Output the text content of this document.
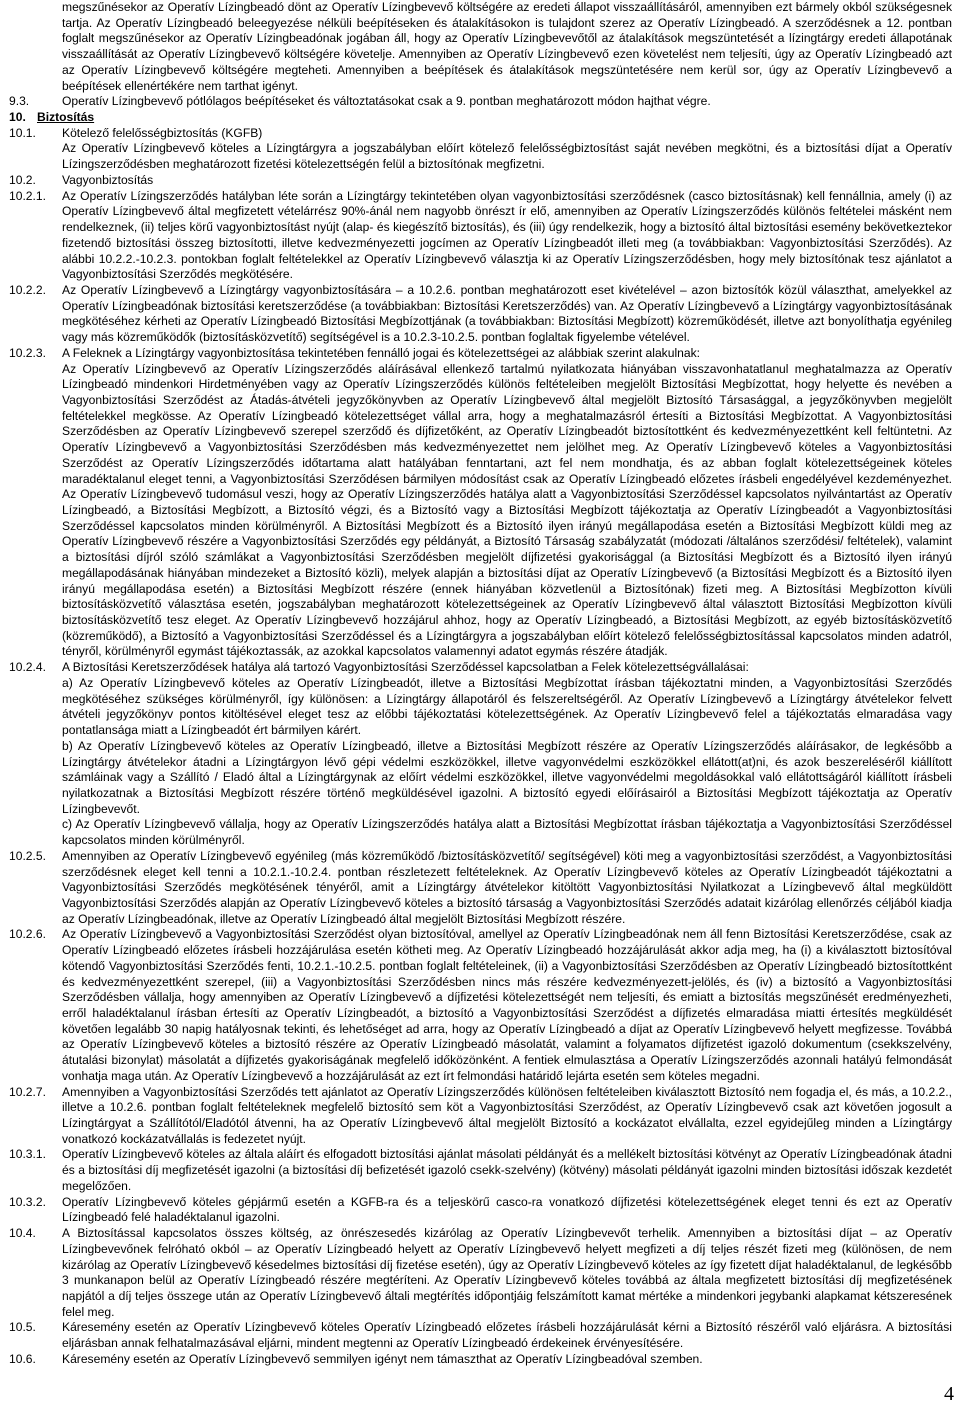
megszűnésekor az Operatív Lízingbeadó dönt az Operatív Lízingbevevő költségére az eredeti állapot visszaállításáról, amennyiben ezt bármely okból szükségesnek tartja. Az Operatív Lízingbeadó beleegyezése nélküli beépítéseken és átalakításokon is tulajdont szerez az Operatív Lízingbeadó. A szerződésnek a 12. pontban foglalt megszűnésekor az Operatív Lízingbeadónak jogában áll, hogy az Operatív Lízingbevevőtől az átalakítások megszüntetését a lízingtárgy eredeti állapotának visszaállítását az Operatív Lízingbevevő költségére követelje. Amennyiben az Operatív Lízingbevevő ezen követelést nem teljesíti, úgy az Operatív Lízingbeadó azt az Operatív Lízingbevevő költségére megteheti. Amennyiben a beépítések és átalakítások megszüntetésére nem kerül sor, úgy az Operatív Lízingbevevő a beépítések ellenértékére nem tarthat igényt.
9.3.	Operatív Lízingbevevő pótlólagos beépítéseket és változtatásokat csak a 9. pontban meghatározott módon hajthat végre.
10. Biztosítás
10.1.	Kötelező felelősségbiztosítás (KGFB)

Az Operatív Lízingbevevő köteles a Lízingtárgyra a jogszabályban előírt kötelező felelősségbiztosítást saját nevében megkötni, és a biztosítási díjat a Operatív Lízingszerződésben meghatározott fizetési kötelezettségén felül a biztosítónak megfizetni.

10.2.	Vagyonbiztosítás
10.2.1.	Az Operatív Lízingszerződés hatályban léte során a Lízingtárgy tekintetében olyan vagyonbiztosítási szerződésnek (casco biztosításnak) kell fennállnia, amely (i) az Operatív Lízingbevevő által megfizetett vételárrész 90%-ánál nem nagyobb önrészt ír elő, amennyiben az Operatív Lízingszerződés különös feltételei másként nem rendelkeznek, (ii) teljes körű vagyonbiztosítást nyújt (alap- és kiegészítő biztosítás), és (iii) úgy rendelkezik, hogy a biztosító által biztosítási esemény bekövetkeztekor fizetendő biztosítási összeg biztosítotti, illetve kedvezményezetti jogcímen az Operatív Lízingbeadót illeti meg (a továbbiakban: Vagyonbiztosítási Szerződés). Az alábbi 10.2.2.-10.2.3. pontokban foglalt feltételekkel az Operatív Lízingbevevő választja ki az Operatív Lízingszerződésben, hogy mely biztosítónak tesz ajánlatot a Vagyonbiztosítási Szerződés megkötésére.
10.2.2.	Az Operatív Lízingbevevő a Lízingtárgy vagyonbiztosítására – a 10.2.6. pontban meghatározott eset kivételével – azon biztosítók közül választhat, amelyekkel az Operatív Lízingbeadónak biztosítási keretszerződése (a továbbiakban: Biztosítási Keretszerződés) van. Az Operatív Lízingbevevő a Lízingtárgy vagyonbiztosításának megkötéséhez kérheti az Operatív Lízingbeadó Biztosítási Megbízottjának (a továbbiakban: Biztosítási Megbízott) közreműködését, illetve azt bonyolíthatja egyénileg vagy más közreműködők (biztosításközvetítő) segítségével is a 10.2.3-10.2.5. pontban foglaltak figyelembe vételével.
10.2.3.	A Feleknek a Lízingtárgy vagyonbiztosítása tekintetében fennálló jogai és kötelezettségei az alábbiak szerint alakulnak:

Az Operatív Lízingbevevő az Operatív Lízingszerződés aláírásával ellenkező tartalmú nyilatkozata hiányában visszavonhatatlanul meghatalmazza az Operatív Lízingbeadó mindenkori Hirdetményében vagy az Operatív Lízingszerződés különös feltételeiben megjelölt Biztosítási Megbízottat, hogy helyette és nevében a Vagyonbiztosítási Szerződést az Átadás-átvételi jegyzőkönyvben az Operatív Lízingbevevő által megjelölt Biztosító Társasággal, a jegyzőkönyvben megjelölt feltételekkel megkösse. Az Operatív Lízingbeadó kötelezettséget vállal arra, hogy a meghatalmazásról értesíti a Biztosítási Megbízottat. A Vagyonbiztosítási Szerződésben az Operatív Lízingbevevő szerepel szerződő és díjfizetőként, az Operatív Lízingbeadót biztosítottként és kedvezményezettként kell feltüntetni. Az Operatív Lízingbevevő a Vagyonbiztosítási Szerződésben más kedvezményezettet nem jelölhet meg. Az Operatív Lízingbevevő köteles a Vagyonbiztosítási Szerződést az Operatív Lízingszerződés időtartama alatt hatályában fenntartani, azt fel nem mondhatja, és az abban foglalt kötelezettségeinek köteles maradéktalanul eleget tenni, a Vagyonbiztosítási Szerződésen bármilyen módosítást csak az Operatív Lízingbeadó előzetes írásbeli engedélyével kezdeményezhet. Az Operatív Lízingbevevő tudomásul veszi, hogy az Operatív Lízingszerződés hatálya alatt a Vagyonbiztosítási Szerződéssel kapcsolatos nyilvántartást az Operatív Lízingbeadó, a Biztosítási Megbízott, a Biztosító végzi, és a Biztosító vagy a Biztosítási Megbízott tájékoztatja az Operatív Lízingbeadót a Vagyonbiztosítási Szerződéssel kapcsolatos minden körülményről. A Biztosítási Megbízott és a Biztosító ilyen irányú megállapodása esetén a Biztosítási Megbízott küldi meg az Operatív Lízingbevevő részére a Vagyonbiztosítási Szerződés egy példányát, a Biztosító Társaság szabályzatát (módozati /általános szerződési/ feltételek), valamint a biztosítási díjról szóló számlákat a Vagyonbiztosítási Szerződésben megjelölt díjfizetési gyakorisággal (a Biztosítási Megbízott és a Biztosító ilyen irányú megállapodásának hiányában mindezeket a Biztosító közli), melyek alapján a biztosítási díjat az Operatív Lízingbevevő (a Biztosítási Megbízott és a Biztosító ilyen irányú megállapodása esetén) a Biztosítási Megbízott részére (ennek hiányában közvetlenül a Biztosítónak) fizeti meg. A Biztosítási Megbízotton kívüli biztosításközvetítő választása esetén, jogszabályban meghatározott kötelezettségeinek az Operatív Lízingbevevő által választott Biztosítási Megbízotton kívüli biztosításközvetítő tesz eleget. Az Operatív Lízingbevevő hozzájárul ahhoz, hogy az Operatív Lízingbeadó, a Biztosítási Megbízott, az egyéb biztosításközvetítő (közreműködő), a Biztosító a Vagyonbiztosítási Szerződéssel és a Lízingtárgyra a jogszabályban előírt kötelező felelősségbiztosítással kapcsolatos minden adatról, tényről, körülményről egymást tájékoztassák, az azokkal kapcsolatos valamennyi adatot egymás részére átadják.

10.2.4.	A Biztosítási Keretszerződések hatálya alá tartozó Vagyonbiztosítási Szerződéssel kapcsolatban a Felek kötelezettségvállalásai:

a) Az Operatív Lízingbevevő köteles az Operatív Lízingbeadót, illetve a Biztosítási Megbízottat írásban tájékoztatni minden, a Vagyonbiztosítási Szerződés megkötéséhez szükséges körülményről, így különösen: a Lízingtárgy állapotáról és felszereltségéről. Az Operatív Lízingbevevő a Lízingtárgy átvételekor felvett átvételi jegyzőkönyv pontos kitöltésével eleget tesz az előbbi tájékoztatási kötelezettségének. Az Operatív Lízingbevevő felel a tájékoztatás elmaradása vagy pontatlansága miatt a Lízingbeadót ért bármilyen kárért.

b) Az Operatív Lízingbevevő köteles az Operatív Lízingbeadó, illetve a Biztosítási Megbízott részére az Operatív Lízingszerződés aláírásakor, de legkésőbb a Lízingtárgy átvételekor átadni a Lízingtárgyon lévő gépi védelmi eszközökkel, illetve vagyonvédelmi eszközökkel ellátott(at)ni, és azok beszereléséről kiállított számláinak vagy a Szállító / Eladó által a Lízingtárgynak az előírt védelmi eszközökkel, illetve vagyonvédelmi megoldásokkal való ellátottságáról kiállított írásbeli nyilatkozatnak a Biztosítási Megbízott részére történő megküldésével igazolni. A biztosító egyedi előírásairól a Biztosítási Megbízott tájékoztatja az Operatív Lízingbevevőt.

c) Az Operatív Lízingbevevő vállalja, hogy az Operatív Lízingszerződés hatálya alatt a Biztosítási Megbízottat írásban tájékoztatja a Vagyonbiztosítási Szerződéssel kapcsolatos minden körülményről.

10.2.5.	Amennyiben az Operatív Lízingbevevő egyénileg (más közreműködő /biztosításközvetítő/ segítségével) köti meg a vagyonbiztosítási szerződést, a Vagyonbiztosítási szerződésnek eleget kell tenni a 10.2.1.-10.2.4. pontban részletezett feltételeknek. Az Operatív Lízingbevevő köteles az Operatív Lízingbeadót tájékoztatni a Vagyonbiztosítási Szerződés megkötésének tényéről, amit a Lízingtárgy átvételekor kitöltött Vagyonbiztosítási Nyilatkozat a Lízingbevevő által megküldött Vagyonbiztosítási Szerződés alapján az Operatív Lízingbevevő köteles a biztosító társaság a Vagyonbiztosítási Szerződés adatait kizárólag ellenőrzés céljából kiadja az Operatív Lízingbeadónak, illetve az Operatív Lízingbeadó által megjelölt Biztosítási Megbízott részére.
10.2.6.	Az Operatív Lízingbevevő a Vagyonbiztosítási Szerződést olyan biztosítóval, amellyel az Operatív Lízingbeadónak nem áll fenn Biztosítási Keretszerződése, csak az Operatív Lízingbeadó előzetes írásbeli hozzájárulása esetén kötheti meg. Az Operatív Lízingbeadó hozzájárulását akkor adja meg, ha (i) a kiválasztott biztosítóval kötendő Vagyonbiztosítási Szerződés fenti, 10.2.1.-10.2.5. pontban foglalt feltételeinek, (ii) a Vagyonbiztosítási Szerződésben az Operatív Lízingbeadó biztosítottként és kedvezményezettként szerepel, (iii) a Vagyonbiztosítási Szerződésben nincs más részére kedvezményezett-jelölés, és (iv) a biztosító a Vagyonbiztosítási Szerződésben vállalja, hogy amennyiben az Operatív Lízingbevevő a díjfizetési kötelezettségét nem teljesíti, és emiatt a biztosítás megszűnését eredményezheti, erről haladéktalanul írásban értesíti az Operatív Lízingbeadót, a biztosító a Vagyonbiztosítási Szerződést a díjfizetés elmaradása miatti értesítés megküldését követően legalább 30 napig hatályosnak tekinti, és lehetőséget ad arra, hogy az Operatív Lízingbeadó a díjat az Operatív Lízingbevevő helyett megfizesse. Továbbá az Operatív Lízingbevevő köteles a biztosító részére az Operatív Lízingbeadó másolatát, valamint a folyamatos díjfizetést igazoló dokumentum (csekkszelvény, átutalási bizonylat) másolatát a díjfizetés gyakoriságának megfelelő időközönként. A fentiek elmulasztása a Operatív Lízingszerződés azonnali hatályú felmondását vonhatja maga után. Az Operatív Lízingbevevő a hozzájárulását az ezt írt felmondási határidő lejárta esetén sem köteles megadni.
10.2.7.	Amennyiben a Vagyonbiztosítási Szerződés tett ajánlatot az Operatív Lízingszerződés különösen feltételeiben kiválasztott Biztosító nem fogadja el, és más, a 10.2.2., illetve a 10.2.6. pontban foglalt feltételeknek megfelelő biztosító sem köt a Vagyonbiztosítási Szerződést, az Operatív Lízingbevevő csak azt követően jogosult a Lízingtárgyat a Szállítótól/Eladótól átvenni, ha az Operatív Lízingbevevő által megjelölt Biztosító a kockázatot elvállalta, ezzel egyidejűleg minden a Lízingtárgy vonatkozó kockázatvállalás is fedezetet nyújt.
10.3.1.	Operatív Lízingbevevő köteles az általa aláírt és elfogadott biztosítási ajánlat másolati példányát és a mellékelt biztosítási kötvényt az Operatív Lízingbeadónak átadni és a biztosítási díj megfizetését igazolni (a biztosítási díj befizetését igazoló csekk-szelvény) (kötvény) másolati példányát igazolni minden biztosítási időszak kezdetét megelőzően.
10.3.2.	Operatív Lízingbevevő köteles gépjármű esetén a KGFB-ra és a teljeskörű casco-ra vonatkozó díjfizetési kötelezettségének eleget tenni és ezt az Operatív Lízingbeadó felé haladéktalanul igazolni.
10.4.	A Biztosítással kapcsolatos összes költség, az önrészesedés kizárólag az Operatív Lízingbevevőt terhelik. Amennyiben a biztosítási díjat – az Operatív Lízingbevevőnek felróható okból – az Operatív Lízingbeadó helyett az Operatív Lízingbevevő helyett megfizeti a díj teljes részét fizeti meg (különösen, de nem kizárólag az Operatív Lízingbevevő késedelmes biztosítási díj fizetése esetén), úgy az Operatív Lízingbevevő köteles az így fizetett díjat haladéktalanul, de legkésőbb 3 munkanapon belül az Operatív Lízingbeadó részére megtéríteni. Az Operatív Lízingbevevő köteles továbbá az általa megfizetett biztosítási díj megfizetésének napjától a díj teljes összege után az Operatív Lízingbevevő általi megtérítés időpontjáig felszámított kamat mértéke a mindenkori jegybanki alapkamat kétszeresének felel meg.
10.5.	Káresemény esetén az Operatív Lízingbevevő köteles Operatív Lízingbeadó előzetes írásbeli hozzájárulását kérni a Biztosító részéről való eljárásra. A biztosítási eljárásban annak felhatalmazásával eljárni, mindent megtenni az Operatív Lízingbeadó érdekeinek érvényesítésére.
10.6.	Káresemény esetén az Operatív Lízingbevevő semmilyen igényt nem támaszthat az Operatív Lízingbeadóval szemben.
4
